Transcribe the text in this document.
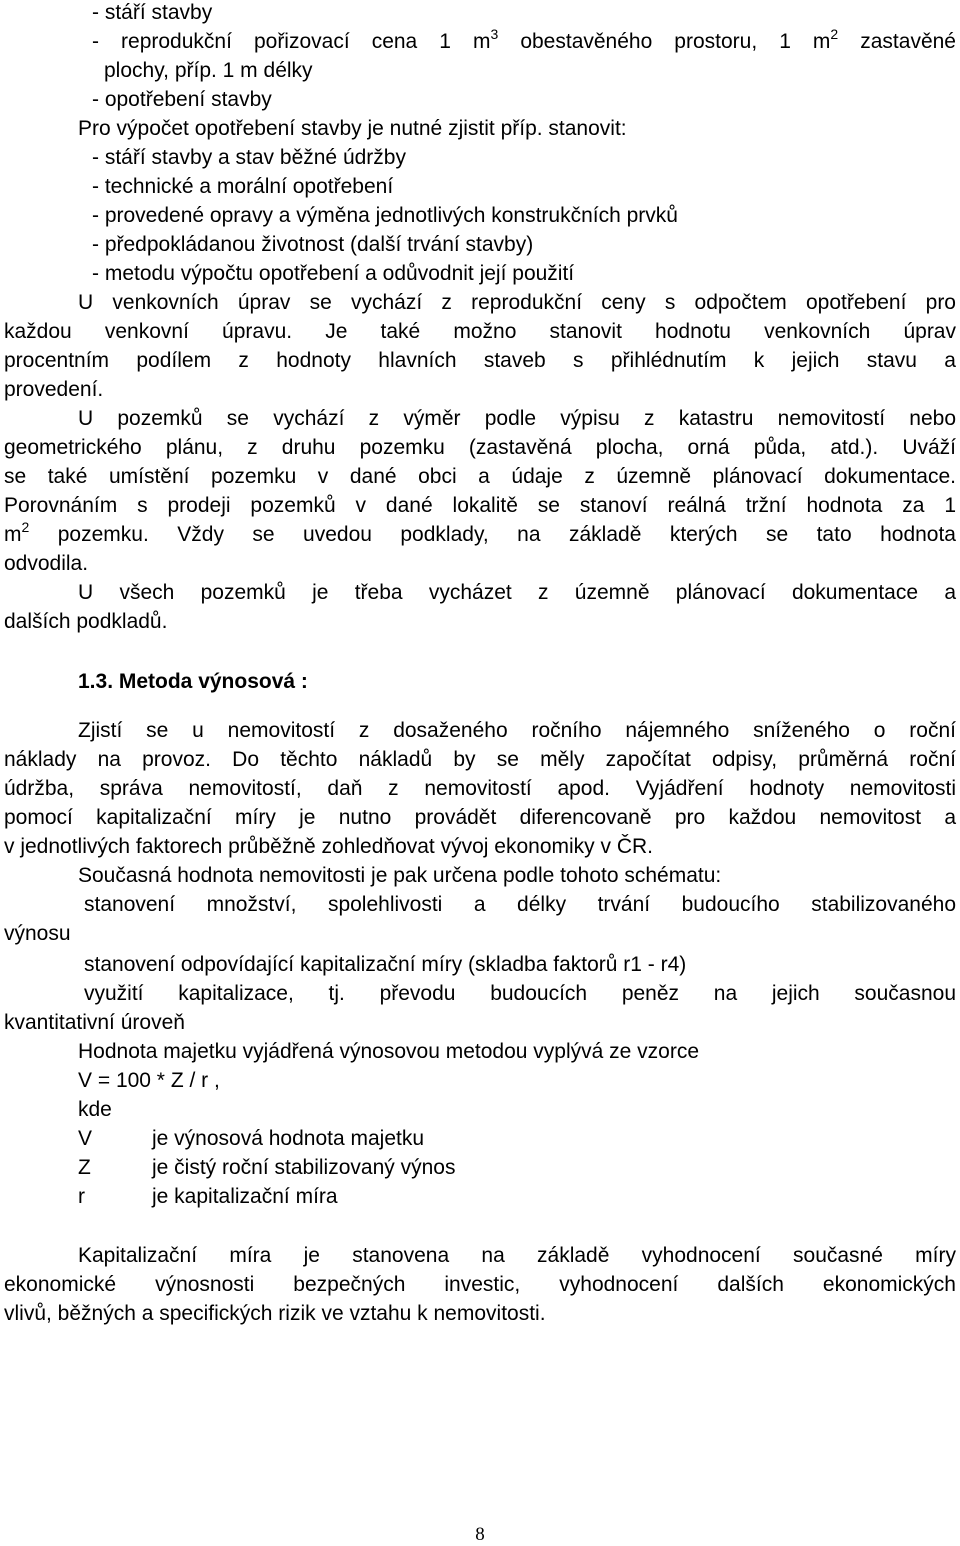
- stáří stavby
- reprodukční pořizovací cena 1 $m^3$ obestavěného prostoru, 1 $m^2$ zastavěné
plochy, příp. 1 m délky
- opotřebení stavby
Pro výpočet opotřebení stavby je nutné zjistit příp. stanovit:
- stáří stavby a stav běžné údržby
- technické a morální opotřebení
- provedené opravy a výměna jednotlivých konstrukčních prvků
- předpokládanou životnost (další trvání stavby)
- metodu výpočtu opotřebení a odůvodnit její použití
U venkovních úprav se vychází z reprodukční ceny s odpočtem opotřebení pro
každou venkovní úpravu. Je také možno stanovit hodnotu venkovních úprav
procentním podílem z hodnoty hlavních staveb s přihlédnutím k jejich stavu a
provedení.
U pozemků se vychází z výměr podle výpisu z katastru nemovitostí nebo
geometrického plánu, z druhu pozemku (zastavěná plocha, orná půda, atd.). Uváží
se také umístění pozemku v dané obci a údaje z územně plánovací dokumentace.
Porovnáním s prodeji pozemků v dané lokalitě se stanoví reálná tržní hodnota za 1
$m^2$ pozemku. Vždy se uvedou podklady, na základě kterých se tato hodnota
odvodila.
U všech pozemků je třeba vycházet z územně plánovací dokumentace a
dalších podkladů.
1.3. Metoda výnosová :
Zjistí se u nemovitostí z dosaženého ročního nájemného sníženého o roční
náklady na provoz. Do těchto nákladů by se měly započítat odpisy, průměrná roční
údržba, správa nemovitostí, daň z nemovitostí apod. Vyjádření hodnoty nemovitosti
pomocí kapitalizační míry je nutno provádět diferencovaně pro každou nemovitost a
v jednotlivých faktorech průběžně zohledňovat vývoj ekonomiky v ČR.
Současná hodnota nemovitosti je pak určena podle tohoto schématu:
stanovení množství, spolehlivosti a délky trvání budoucího stabilizovaného
výnosu
stanovení odpovídající kapitalizační míry (skladba faktorů r1 - r4)
využití kapitalizace, tj. převodu budoucích peněz na jejich současnou
kvantitativní úroveň
Hodnota majetku vyjádřená výnosovou metodou vyplývá ze vzorce
V = 100 * Z / r ,
kde
V	je výnosová hodnota majetku
Z	je čistý roční stabilizovaný výnos
r	je kapitalizační míra
Kapitalizační míra je stanovena na základě vyhodnocení současné míry
ekonomické výnosnosti bezpečných investic, vyhodnocení dalších ekonomických
vlivů, běžných a specifických rizik ve vztahu k nemovitosti.
8
